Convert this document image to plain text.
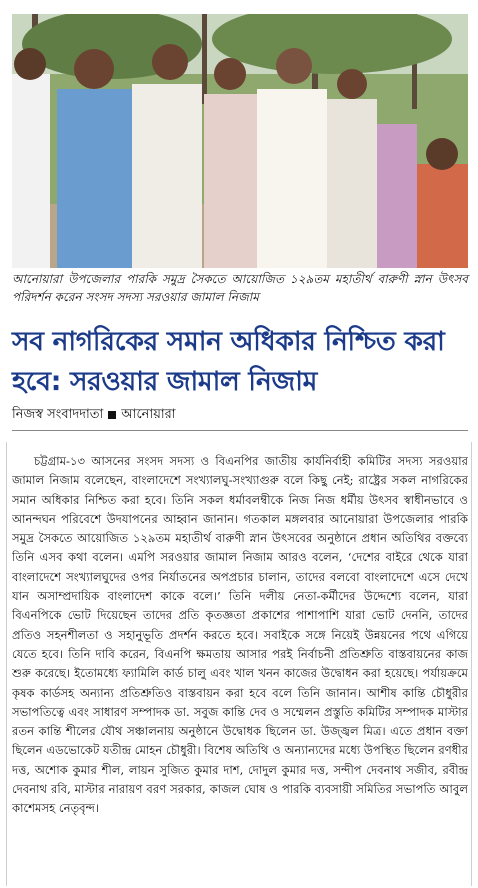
আনোয়ারা উপজেলার পারকি সমুদ্র সৈকতে আয়োজিত ১২৯তম মহাতীর্থ বারুণী স্নান উৎসব পরিদর্শন করেন সংসদ সদস্য সরওয়ার জামাল নিজাম
সব নাগরিকের সমান অধিকার নিশ্চিত করা হবে: সরওয়ার জামাল নিজাম
নিজস্ব সংবাদদাতা আনোয়ারা

চট্টগ্রাম-১৩ আসনের সংসদ সদস্য ও বিএনপির জাতীয় কার্যনির্বাহী কমিটির সদস্য সরওয়ার জামাল নিজাম বলেছেন, বাংলাদেশে সংখ্যালঘু-সংখ্যাগুরু বলে কিছু নেই; রাষ্ট্রের সকল নাগরিকের সমান অধিকার নিশ্চিত করা হবে। তিনি সকল ধর্মাবলম্বীকে নিজ নিজ ধর্মীয় উৎসব স্বাধীনভাবে ও আনন্দঘন পরিবেশে উদযাপনের আহ্বান জানান। গতকাল মঙ্গলবার আনোয়ারা উপজেলার পারকি সমুদ্র সৈকতে আয়োজিত ১২৯তম মহাতীর্থ বারুণী স্নান উৎসবের অনুষ্ঠানে প্রধান অতিথির বক্তব্যে তিনি এসব কথা বলেন। এমপি সরওয়ার জামাল নিজাম আরও বলেন, ‘দেশের বাইরে থেকে যারা বাংলাদেশে সংখ্যালঘুদের ওপর নির্যাতনের অপপ্রচার চালান, তাদের বলবো বাংলাদেশে এসে দেখে যান অসাম্প্রদায়িক বাংলাদেশ কাকে বলে।’ তিনি দলীয় নেতা-কর্মীদের উদ্দেশ্যে বলেন, যারা বিএনপিকে ভোট দিয়েছেন তাদের প্রতি কৃতজ্ঞতা প্রকাশের পাশাপাশি যারা ভোট দেননি, তাদের প্রতিও সহনশীলতা ও সহানুভূতি প্রদর্শন করতে হবে। সবাইকে সঙ্গে নিয়েই উন্নয়নের পথে এগিয়ে যেতে হবে। তিনি দাবি করেন, বিএনপি ক্ষমতায় আসার পরই নির্বাচনী প্রতিশ্রুতি বাস্তবায়নের কাজ শুরু করেছে। ইতোমধ্যে ফ্যামিলি কার্ড চালু এবং খাল খনন কাজের উদ্বোধন করা হয়েছে। পর্যায়ক্রমে কৃষক কার্ডসহ অন্যান্য প্রতিশ্রুতিও বাস্তবায়ন করা হবে বলে তিনি জানান। আশীষ কান্তি চৌধুরীর সভাপতিত্বে এবং সাধারণ সম্পাদক ডা. সবুজ কান্তি দেব ও সম্মেলন প্রস্তুতি কমিটির সম্পাদক মাস্টার রতন কান্তি শীলের যৌথ সঞ্চালনায় অনুষ্ঠানে উদ্বোধক ছিলেন ডা. উজ্জ্বল মিত্র। এতে প্রধান বক্তা ছিলেন এডভোকেট যতীন্দ্র মোহন চৌধুরী। বিশেষ অতিথি ও অন্যান্যদের মধ্যে উপস্থিত ছিলেন রণধীর দত্ত, অশোক কুমার শীল, লায়ন সুজিত কুমার দাশ, দোদুল কুমার দত্ত, সন্দীপ দেবনাথ সজীব, রবীন্দ্র দেবনাথ রবি, মাস্টার নারায়ণ বরণ সরকার, কাজল ঘোষ ও পারকি ব্যবসায়ী সমিতির সভাপতি আবুল কাশেমসহ নেতৃবৃন্দ।
